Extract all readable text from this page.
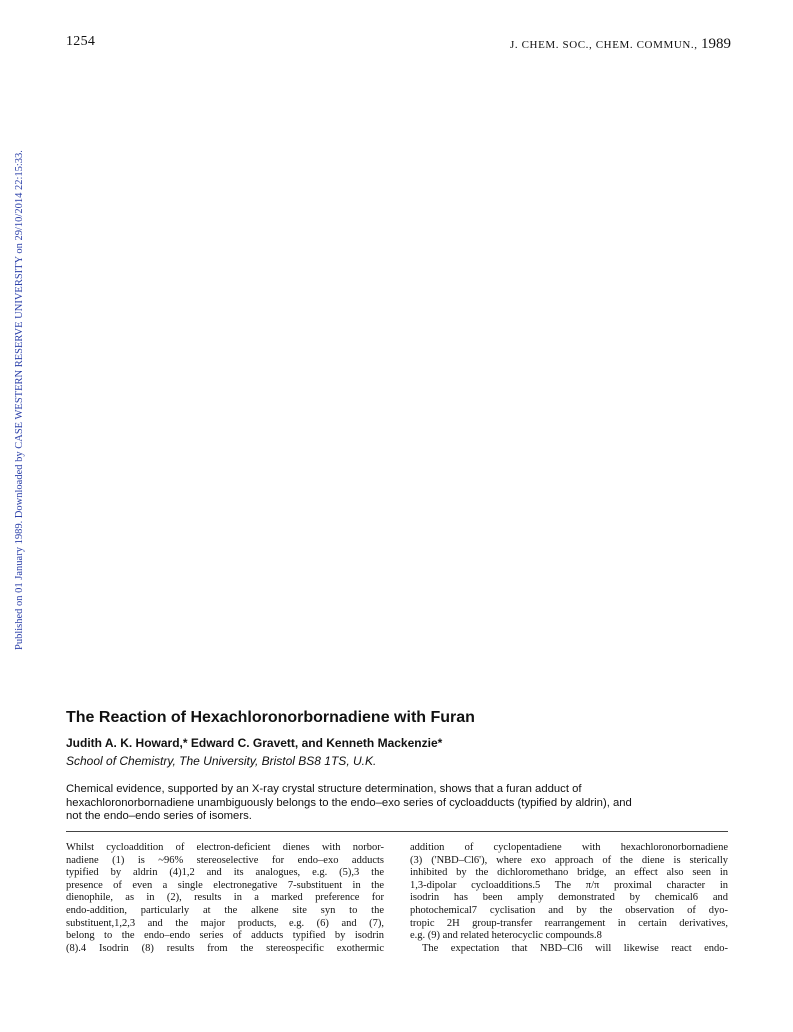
1254	J. CHEM. SOC., CHEM. COMMUN., 1989
Published on 01 January 1989. Downloaded by CASE WESTERN RESERVE UNIVERSITY on 29/10/2014 22:15:33.
The Reaction of Hexachloronorbornadiene with Furan
Judith A. K. Howard,* Edward C. Gravett, and Kenneth Mackenzie*
School of Chemistry, The University, Bristol BS8 1TS, U.K.
Chemical evidence, supported by an X-ray crystal structure determination, shows that a furan adduct of
hexachloronorbornadiene unambiguously belongs to the endo–exo series of cycloadducts (typified by aldrin), and
not the endo–endo series of isomers.
Whilst cycloaddition of electron-deficient dienes with norbor-
nadiene (1) is ~96% stereoselective for endo–exo adducts
typified by aldrin (4)1,2 and its analogues, e.g. (5),3 the
presence of even a single electronegative 7-substituent in the
dienophile, as in (2), results in a marked preference for
endo-addition, particularly at the alkene site syn to the
substituent,1,2,3 and the major products, e.g. (6) and (7),
belong to the endo–endo series of adducts typified by isodrin
(8).4 Isodrin (8) results from the stereospecific exothermic
addition of cyclopentadiene with hexachloronorbornadiene
(3) ('NBD–Cl6'), where exo approach of the diene is sterically
inhibited by the dichloromethano bridge, an effect also seen in
1,3-dipolar cycloadditions.5 The π/π proximal character in
isodrin has been amply demonstrated by chemical6 and
photochemical7 cyclisation and by the observation of dyo-
tropic 2H group-transfer rearrangement in certain derivatives,
e.g. (9) and related heterocyclic compounds.8
The expectation that NBD–Cl6 will likewise react endo-
